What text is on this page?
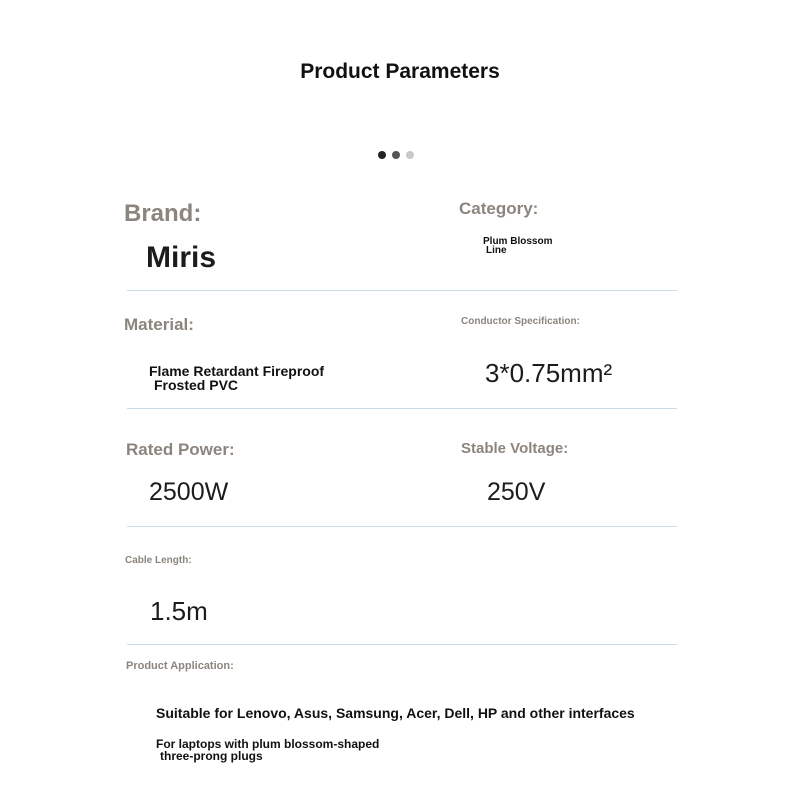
Product Parameters
Brand:
Miris
Category:
Plum Blossom
Line
Material:
Flame Retardant Fireproof
Frosted PVC
Conductor Specification:
3*0.75mm²
Rated Power:
2500W
Stable Voltage:
250V
Cable Length:
1.5m
Product Application:
Suitable for Lenovo, Asus, Samsung, Acer, Dell, HP and other interfaces
For laptops with plum blossom-shaped
three-prong plugs
